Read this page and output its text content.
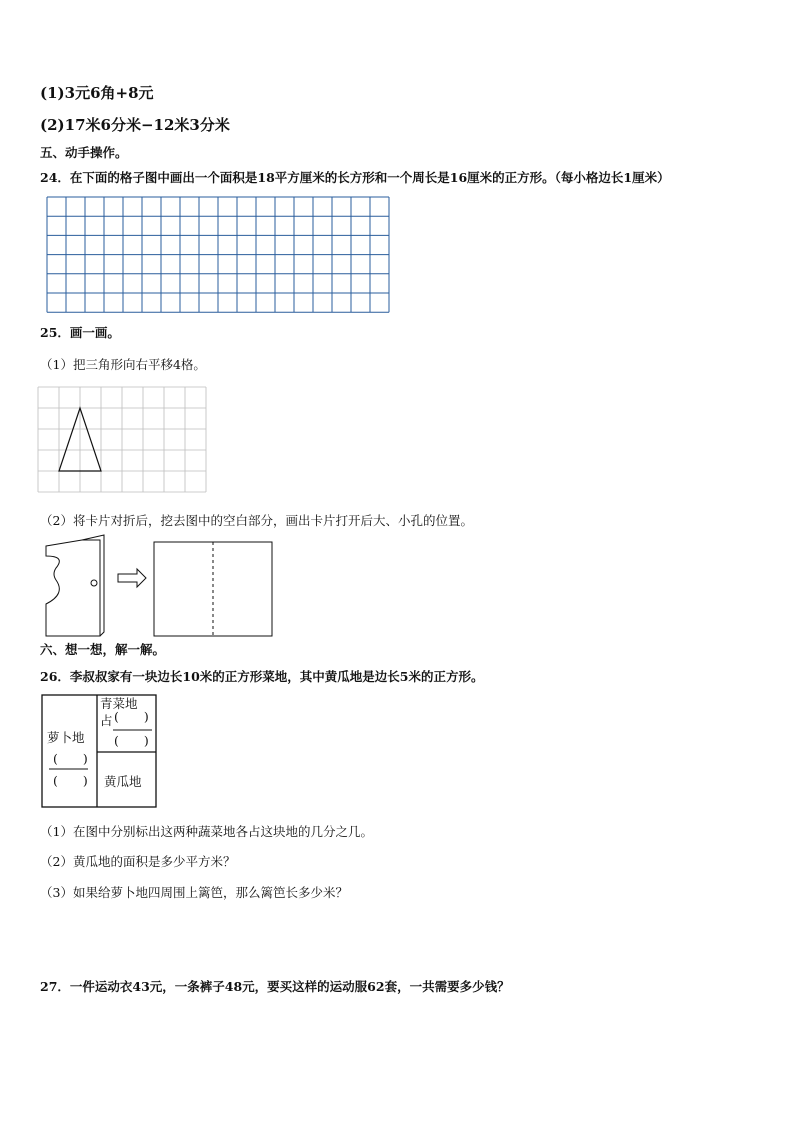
(1)3元6角+8元
(2)17米6分米−12米3分米
五、动手操作。
24．在下面的格子图中画出一个面积是18平方厘米的长方形和一个周长是16厘米的正方形。（每小格边长1厘米）
25．画一画。
（1）把三角形向右平移4格。
（2）将卡片对折后，挖去图中的空白部分，画出卡片打开后大、小孔的位置。
六、想一想，解一解。
26．李叔叔家有一块边长10米的正方形菜地，其中黄瓜地是边长5米的正方形。
萝卜地
(　　)
(　　)
青菜地
占 (　　)
(　　)
黄瓜地
（1）在图中分别标出这两种蔬菜地各占这块地的几分之几。
（2）黄瓜地的面积是多少平方米？
（3）如果给萝卜地四周围上篱笆，那么篱笆长多少米？
27．一件运动衣43元，一条裤子48元，要买这样的运动服62套，一共需要多少钱？
